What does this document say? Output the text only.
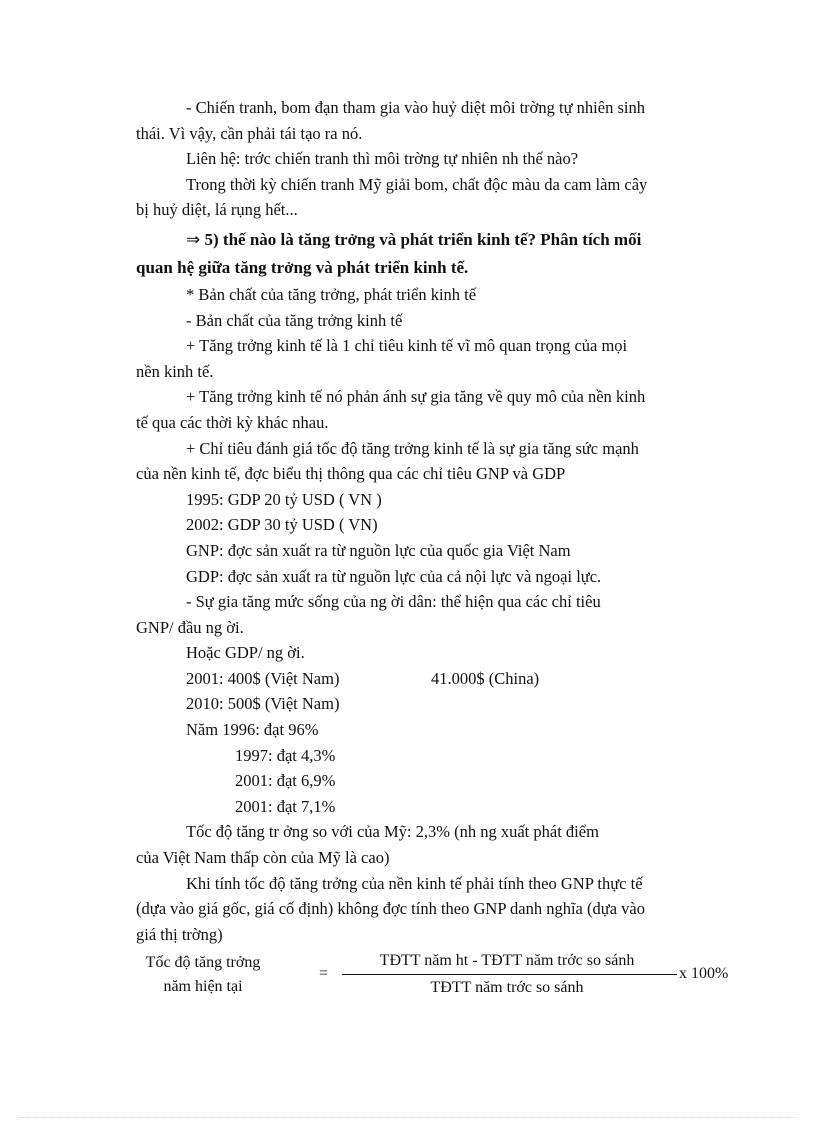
- Chiến tranh, bom đạn tham gia vào huỷ diệt môi trờng tự nhiên sinh
thái. Vì vậy, cần phải tái tạo ra nó.

Liên hệ: trớc chiến tranh thì môi trờng tự nhiên nh thế nào?

Trong thời kỳ chiến tranh Mỹ giải bom, chất độc màu da cam làm cây
bị huỷ diệt, lá rụng hết...

⇒ 5) thế nào là tăng trởng và phát triển kinh tế? Phân tích mối
quan hệ giữa tăng trởng và phát triển kinh tế.

* Bản chất của tăng trởng, phát triển kinh tế

- Bản chất của tăng trởng kinh tế

+ Tăng trởng kinh tế là 1 chỉ tiêu kinh tế vĩ mô quan trọng của mọi
nền kinh tế.

+ Tăng trởng kinh tế nó phản ánh sự gia tăng về quy mô của nền kinh
tế qua các thời kỳ khác nhau.

+ Chỉ tiêu đánh giá tốc độ tăng trởng kinh tế là sự gia tăng sức mạnh
của nền kinh tế, đợc biểu thị thông qua các chỉ tiêu GNP và GDP

1995: GDP 20 tỷ USD ( VN )

2002: GDP 30 tỷ USD ( VN)

GNP: đợc sản xuất ra từ nguồn lực của quốc gia Việt Nam

GDP: đợc sản xuất ra từ nguồn lực của cả nội lực và ngoại lực.

- Sự gia tăng mức sống của ng ời dân: thể hiện qua các chỉ tiêu
GNP/ đầu ng ời.

Hoặc GDP/ ng ời.

2001: 400$ (Việt Nam)	41.000$ (China)

2010: 500$ (Việt Nam)

Năm 1996: đạt 96%

1997: đạt 4,3%

2001: đạt 6,9%

2001: đạt 7,1%

Tốc độ tăng tr ởng so với của Mỹ: 2,3% (nh ng xuất phát điểm
của Việt Nam thấp còn của Mỹ là cao)

Khi tính tốc độ tăng trởng của nền kinh tế phải tính theo GNP thực tế
(dựa vào giá gốc, giá cố định) không đợc tính theo GNP danh nghĩa (dựa vào
giá thị trờng)

Tốc độ tăng trởng
năm hiện tại
=
TĐTT năm ht - TĐTT năm trớc so sánh
TĐTT năm trớc so sánh
x 100%
